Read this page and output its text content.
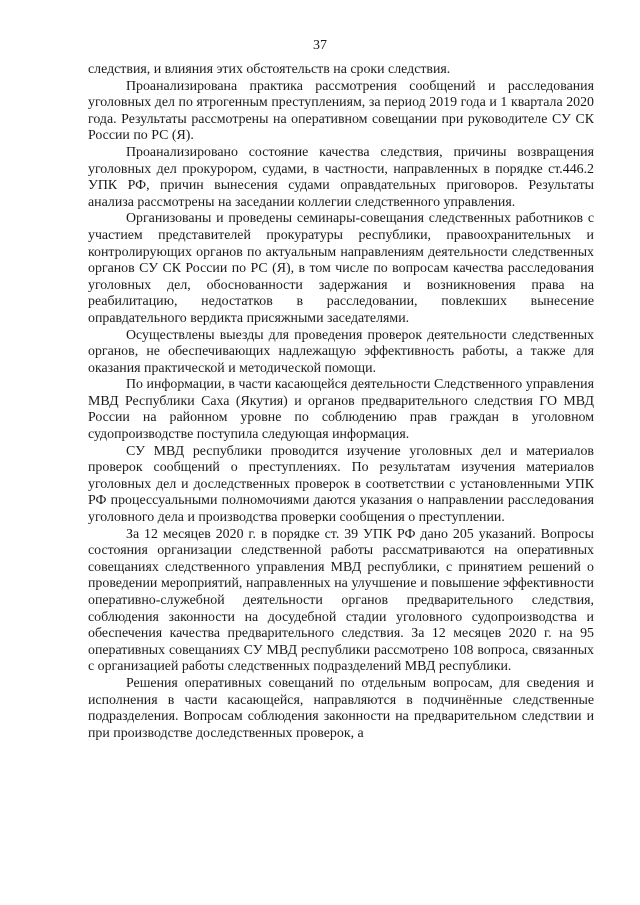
37

следствия, и влияния этих обстоятельств на сроки следствия.

Проанализирована практика рассмотрения сообщений и расследования уголовных дел по ятрогенным преступлениям, за период 2019 года и 1 квартала 2020 года. Результаты рассмотрены на оперативном совещании при руководителе СУ СК России по РС (Я).

Проанализировано состояние качества следствия, причины возвращения уголовных дел прокурором, судами, в частности, направленных в порядке ст.446.2 УПК РФ, причин вынесения судами оправдательных приговоров. Результаты анализа рассмотрены на заседании коллегии следственного управления.

Организованы и проведены семинары-совещания следственных работников с участием представителей прокуратуры республики, правоохранительных и контролирующих органов по актуальным направлениям деятельности следственных органов СУ СК России по РС (Я), в том числе по вопросам качества расследования уголовных дел, обоснованности задержания и возникновения права на реабилитацию, недостатков в расследовании, повлекших вынесение оправдательного вердикта присяжными заседателями.

Осуществлены выезды для проведения проверок деятельности следственных органов, не обеспечивающих надлежащую эффективность работы, а также для оказания практической и методической помощи.

По информации, в части касающейся деятельности Следственного управления МВД Республики Саха (Якутия) и органов предварительного следствия ГО МВД России на районном уровне по соблюдению прав граждан в уголовном судопроизводстве поступила следующая информация.

СУ МВД республики проводится изучение уголовных дел и материалов проверок сообщений о преступлениях. По результатам изучения материалов уголовных дел и доследственных проверок в соответствии с установленными УПК РФ процессуальными полномочиями даются указания о направлении расследования уголовного дела и производства проверки сообщения о преступлении.

За 12 месяцев 2020 г. в порядке ст. 39 УПК РФ дано 205 указаний. Вопросы состояния организации следственной работы рассматриваются на оперативных совещаниях следственного управления МВД республики, с принятием решений о проведении мероприятий, направленных на улучшение и повышение эффективности оперативно-служебной деятельности органов предварительного следствия, соблюдения законности на досудебной стадии уголовного судопроизводства и обеспечения качества предварительного следствия. За 12 месяцев 2020 г. на 95 оперативных совещаниях СУ МВД республики рассмотрено 108 вопроса, связанных с организацией работы следственных подразделений МВД республики.

Решения оперативных совещаний по отдельным вопросам, для сведения и исполнения в части касающейся, направляются в подчинённые следственные подразделения. Вопросам соблюдения законности на предварительном следствии и при производстве доследственных проверок, а
